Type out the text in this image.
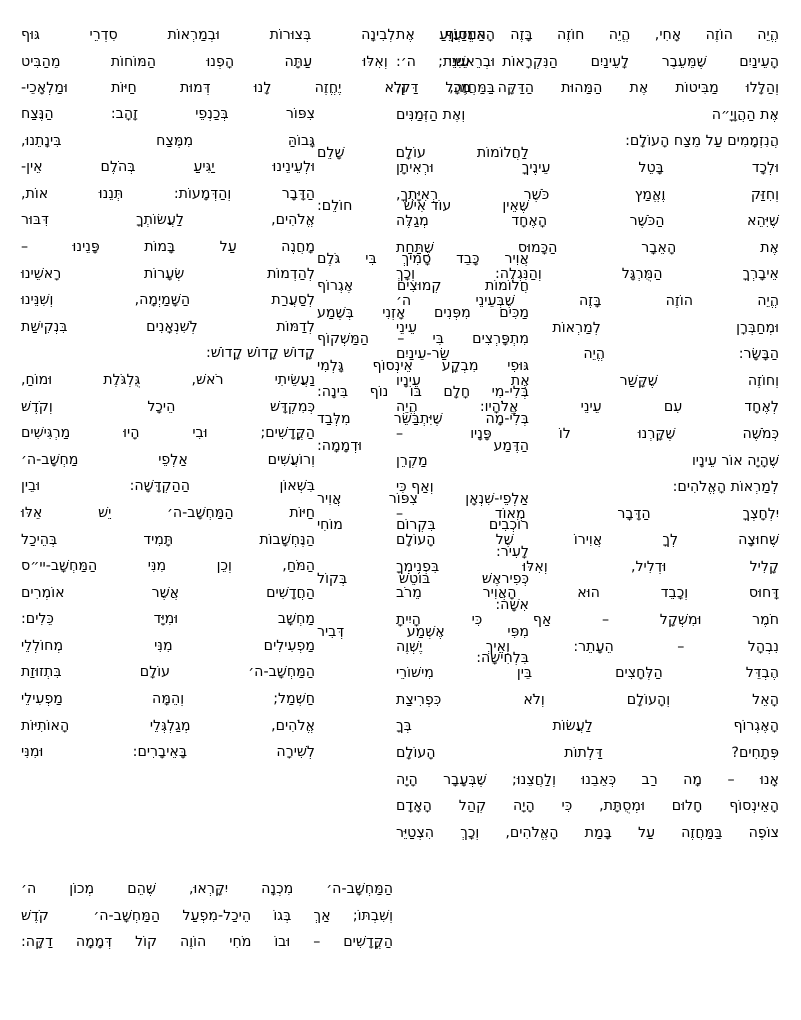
הֱיֵה הוֹזֶה אָחִי, הֱיֵה חוֹזֶה בָּזֶה הַמְזַעֲזֵעַ אֶת
הָעֵינַיִם שֶׁמֵּעֵבֶר לָעֵינַיִם הַנִּקְרָאוֹת עֵינֵי ה׳:
וְהַלָּלוּ מַבִּיטוֹת אֶת הַמַּהוּת הַדַּקָּה מִכָּל דַּק,
אֶת הַהֲוָיָ״ה
וְאֶת הַזְּמַנִּים
הֲנִזְמָמִים עַל מֵצַח הָעוֹלָם:
וּלְכָד
בָּטֵל
עֵינֶיךָ
וּרְאִיתָן
וְחִזַּק וֶאֱמַץ כֹּשֶׁר רְאִיָּתְךָ,
שֶׁיִּהֵא הַכֹּשֶׁר הָאֶחָד מְגַלֶּה
אֶת הָאֵבָר הַכָּמוּס שֶׁתַּחַת
אֵיבָרְךָ הַמֻּרְגָּל וְהַנִּגְלֶה: וְכָךְ
הֱיֵה הוֹזֶה בָּזֶה שֶׁבְּעֵינֵי ה׳
וּמְחַבְּרָן
לְמַרְאוֹת
עֵינֵי
הַבָּשָׂר:
הֱיֵה
שַׂר-עֵינַיִם
וְחוֹזֶה
שֶׁקָּשַׁר
אֶת
עֵינָיו
לְאֶחָד עִם עֵינֵי אֱלֹהָיו: הֱיֵה
כְּמֹשֶׁה
שֶׁקָּרְנוּ
לוֹ
פָּנָיו
–
שֶׁהָיָה אוֹר עֵינָיו
מַקְרֵן
לְמַרְאוֹת הָאֱלֹהִים:
וְאַף כִּי
יִלְחָצְךָ
הַדָּבָר
מְאוֹד
–
שֶׁחוּצָה לְךָ אֲוִירוֹ שֶׁל הָעוֹלָם
קָלִיל וּדְלִיל, וְאִלּוּ בִּפְנִימְךָ
דָּחוּס וְכָבֵד הוּא הָאֲוִיר מֵרֹב
חֹמֶר וּמִשְׁקָל – אַף כִּי הָיִיתָ
נִבְהָל – הֵעָתֵר: וְאֵיךְ יֶשְׁוֶה
הֶבְדֵּל הַלְּחָצִים בֵּין מִישׁוֹרֵי
הָאֵל וְהָעוֹלָם וְלֹא כִּפְרִיצַת
הָאֶגְרוֹף
לַעֲשׂוֹת
בְּךָ
פְּתָחִים?
דַּלְתוֹת
הָעוֹלָם
אָנוּ – מָה רַב כְּאֵבֵנוּ וְלַחֲצֵנוּ; שֶׁבְּעָבָר הָיָה
הָאֵינְסוֹף חָלוּם וּמְסֻתָּת, כִּי הָיָה קְהַל הָאָדָם
צוֹפֶה בַּמַּחֲזֶה עַל בָּמַת הָאֱלֹהִים, וְכָךְ הִצְטַיֵּר
הָאֵינְסוֹף לְבִינָה בְּצוּרוֹת וּבְמַרְאוֹת סִדְרֵי גּוּף
וּבְרֵאשִׁית; וְאִלּוּ עַתָּה הָפְנוּ הַמּוֹחוֹת מֵהַבִּיט
בַּמַּחֲזֶה, וְלֹא יֶחֱזֶה לָנוּ דְּמוּת חַיּוֹת וּמַלְאָכֵי-
צִפּוֹר
בְּכַנְפֵי
זָהָב:
הַנֶּצַח
גָּבוֹהַּ
מִמֶּצַח
בִּינָתֵנוּ,
וּלְעֵינֵינוּ יַגִּיעַ בְּהֹלֶם אֵין-
הַדָּבָר וְהַדְּמָעוֹת: תְּנֵנוּ אוֹת,
אֱלֹהִים,
לַעֲשׂוֹתְךָ
דִּבּוּר
מָחֲנֶה
עַל
בָּמוֹת
פָּנֵינוּ
–
לְהַדְמוֹת
שְׂעָרוֹת
רָאשֵׁינוּ
לְסַעֲרַת
הַשָּׁמַיְמָה,
וְשִׁנֵּינוּ
לְדַמּוֹת
לְשִׁנְאָנִים
בִּנְקִישַׁת
קָדוֹשׁ קָדוֹשׁ קָדוֹשׁ:
נַעֲשֵׂיתִי רֹאשׁ, גֻּלְגֹּלֶת וּמוֹחַ,
כְּמִקְדָּשׁ
הֵיכָל
וְקֹדֶשׁ
הַקֳּדָשִׁים; וּבִי הָיוּ מַרְגִּישִׁים
וְרוֹעֲשִׁים אַלְפֵי מַחְשָׁב-ה׳
בִּשְׁאוֹן
הַהַקְדָּשָׁה:
וּבֵין
חַיּוֹת הַמַּחְשָׁב-ה׳ יֵשׁ אֵלּוּ
הַנֶּחְשָׁבוֹת
תָּמִיד
בְּהֵיכַל
הַמֹּחַ, וְכֵן מִנִּי הַמַּחְשָׁב-יי״ס
הַחֲדָשִׁים
אֲשֶׁר
אוֹמְרִים
מַחְשָׁב
וּמִיָּד
כֵּלִים:
מַפְעִילִים
מִנִּי
מְחוֹלְלֵי
הַמַּחְשָׁב-ה׳ עוֹלָם בִּתְזוּזַת
חַשְׁמַל;
וְהֵמָּה
מַפְעִילֵי
אֱלֹהִים, מְגַלְגְּלֵי הָאוֹתִיּוֹת
לְשִׁירָה
בָּאֵיבָרִים:
וּמִנִּי
לַחֲלוֹמוֹת
עוֹלָם
שָׁלֵם
שֶׁאֵין
עוֹד אִישׁ
חוֹלֵם:
אֲוִיר
כָּבֵד
סָמִיךְ
בִּי
גֹּלֶם
חֲלוֹמוֹת
קְמוּצִים
אֶגְרוֹף
מַכִּים
מִפְּנִים
אָזְנִי
בְּשֶׁמַע
מִתְפָּרְצִים
בִּי
–
הַמַּשְׁקוֹף
גּוּפִי
מִבְקָע
אֵינְסוֹף
גָּלְמִי
בְּלִי-מִי חָלָם בּוֹ נוֹף בִּינָה:
בְּלִי-מָה
שֶׁיִּתְבַּשֵּׂר
מִלְּבַד
הַדֶּמַע
וּדְמָמָה:
אַלְפֵי-שִׁנְאָן
צִפּוֹר
אֲוִיר
רוֹכְבִים
בִּקְרוֹם
מוֹחִי
לָעִיר:
כְּפִיראֶשׁ
בּוֹטֵשׁ
בְּקוֹל
אִשָּׁה:
מִפִּי
אֶשְׁמַע
דְּבִיר
בִּלְחִישָׁה:
הַמַּחְשָׁב-ה׳
מִכְנָה
יִקָּרְאוּ,
שֶׁהֵם
מְכוֹן
ה׳
וְשִׁבְתּוֹ; אַךְ בְּגוֹ הֵיכַל-מִפְעַל הַמַּחְשָׁב-ה׳  קֹדֶשׁ
הַקֳּדָשִׁים – וּבוֹ מֹחִי הוֹוֶה קוֹל דְּמָמָה דַקָּה:
